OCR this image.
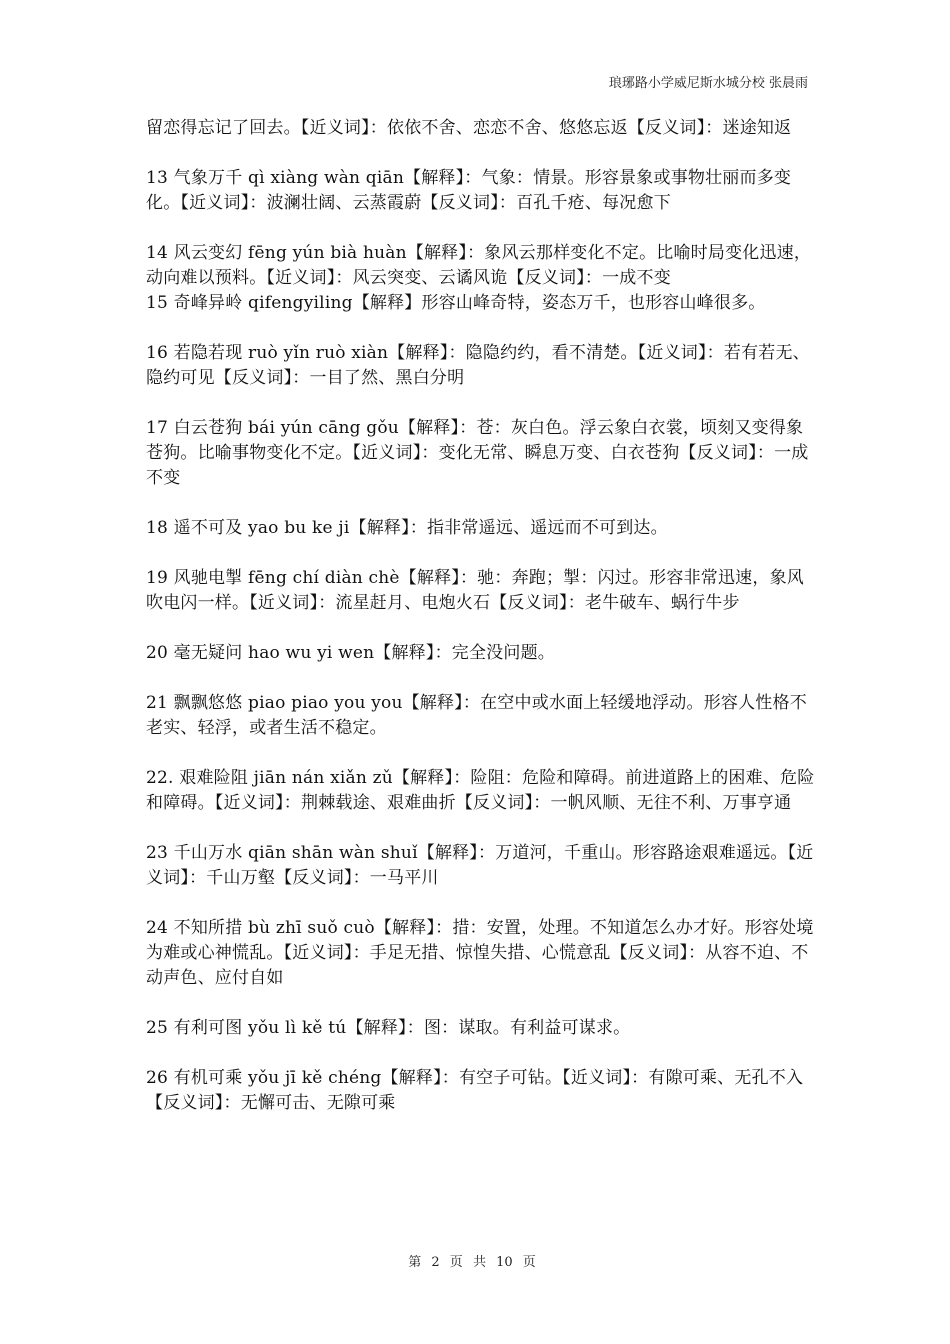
琅琊路小学威尼斯水城分校 张晨雨

留恋得忘记了回去。【近义词】：依依不舍、恋恋不舍、悠悠忘返【反义词】：迷途知返

13 气象万千 qì xiàng wàn qiān【解释】：气象：情景。形容景象或事物壮丽而多变化。【近义词】：波澜壮阔、云蒸霞蔚【反义词】：百孔千疮、每况愈下

14 风云变幻 fēng yún bià huàn【解释】：象风云那样变化不定。比喻时局变化迅速，动向难以预料。【近义词】：风云突变、云谲风诡【反义词】：一成不变

15 奇峰异岭 qifengyiling【解释】形容山峰奇特，姿态万千，也形容山峰很多。

16 若隐若现 ruò yǐn ruò xiàn【解释】：隐隐约约，看不清楚。【近义词】：若有若无、隐约可见【反义词】：一目了然、黑白分明

17 白云苍狗 bái yún cāng gǒu【解释】：苍：灰白色。浮云象白衣裳，顷刻又变得象苍狗。比喻事物变化不定。【近义词】：变化无常、瞬息万变、白衣苍狗【反义词】：一成不变

18 遥不可及 yao bu ke ji【解释】：指非常遥远、遥远而不可到达。

19 风驰电掣 fēng chí diàn chè【解释】：驰：奔跑；掣：闪过。形容非常迅速，象风吹电闪一样。【近义词】：流星赶月、电炮火石【反义词】：老牛破车、蜗行牛步

20 毫无疑问 hao wu yi wen【解释】：完全没问题。

21 飘飘悠悠 piao piao you you【解释】：在空中或水面上轻缓地浮动。形容人性格不老实、轻浮，或者生活不稳定。

22. 艰难险阻 jiān nán xiǎn zǔ【解释】：险阻：危险和障碍。前进道路上的困难、危险和障碍。【近义词】：荆棘载途、艰难曲折【反义词】：一帆风顺、无往不利、万事亨通

23 千山万水 qiān shān wàn shuǐ【解释】：万道河，千重山。形容路途艰难遥远。【近义词】：千山万壑【反义词】：一马平川

24 不知所措 bù zhī suǒ cuò【解释】：措：安置，处理。不知道怎么办才好。形容处境为难或心神慌乱。【近义词】：手足无措、惊惶失措、心慌意乱【反义词】：从容不迫、不动声色、应付自如

25 有利可图 yǒu lì kě tú【解释】：图：谋取。有利益可谋求。

26 有机可乘 yǒu jī kě chéng【解释】：有空子可钻。【近义词】：有隙可乘、无孔不入【反义词】：无懈可击、无隙可乘

第 2 页 共 10 页
